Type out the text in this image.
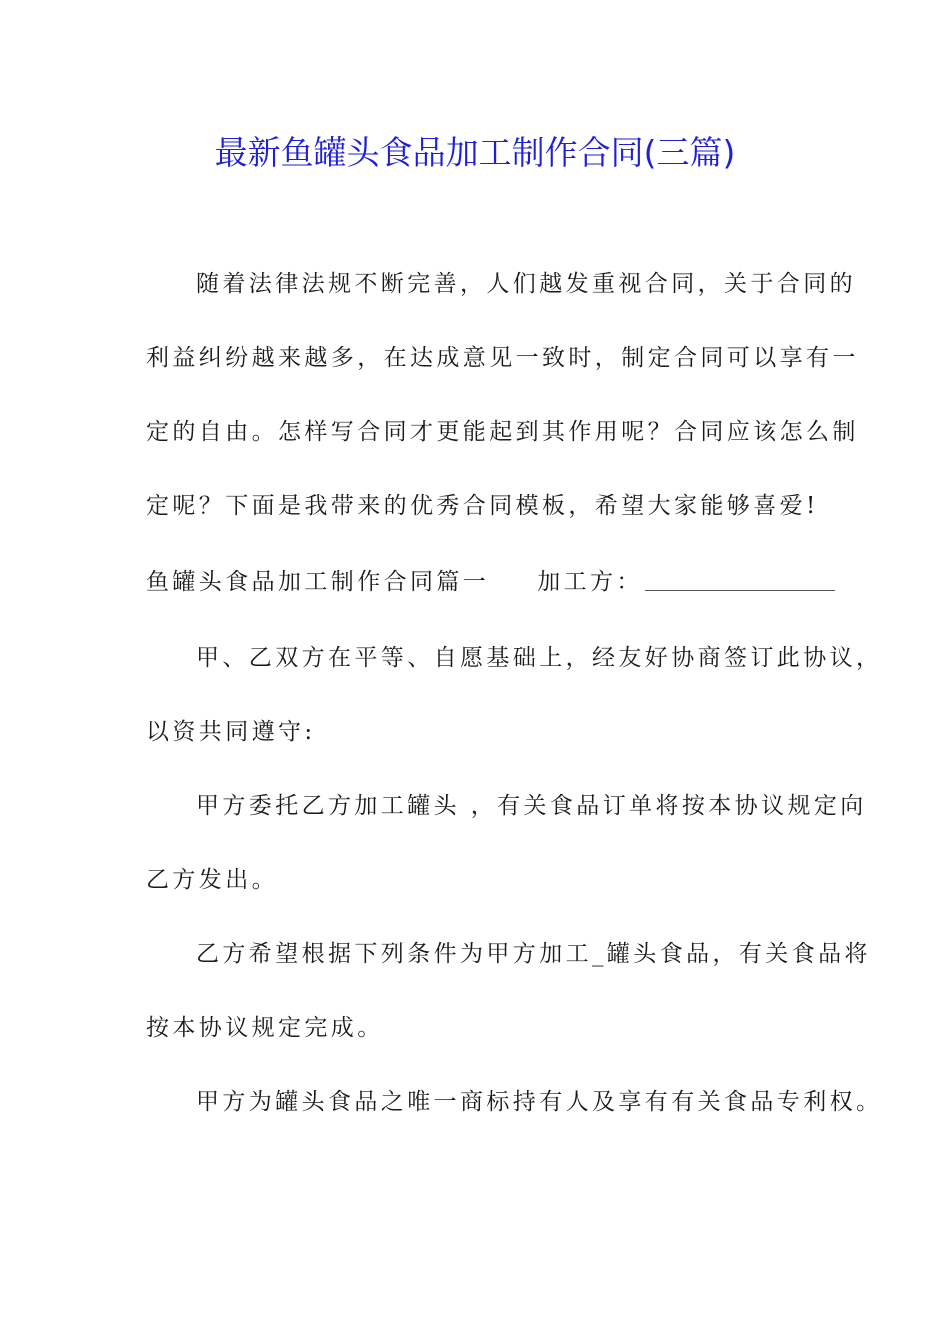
最新鱼罐头食品加工制作合同(三篇)
随着法律法规不断完善，人们越发重视合同，关于合同的
利益纠纷越来越多，在达成意见一致时，制定合同可以享有一
定的自由。怎样写合同才更能起到其作用呢？合同应该怎么制
定呢？下面是我带来的优秀合同模板，希望大家能够喜爱!
鱼罐头食品加工制作合同篇一 加工方：
甲、乙双方在平等、自愿基础上，经友好协商签订此协议，
以资共同遵守:
甲方委托乙方加工罐头 ，有关食品订单将按本协议规定向
乙方发出。
乙方希望根据下列条件为甲方加工_罐头食品，有关食品将
按本协议规定完成。
甲方为罐头食品之唯一商标持有人及享有有关食品专利权。
